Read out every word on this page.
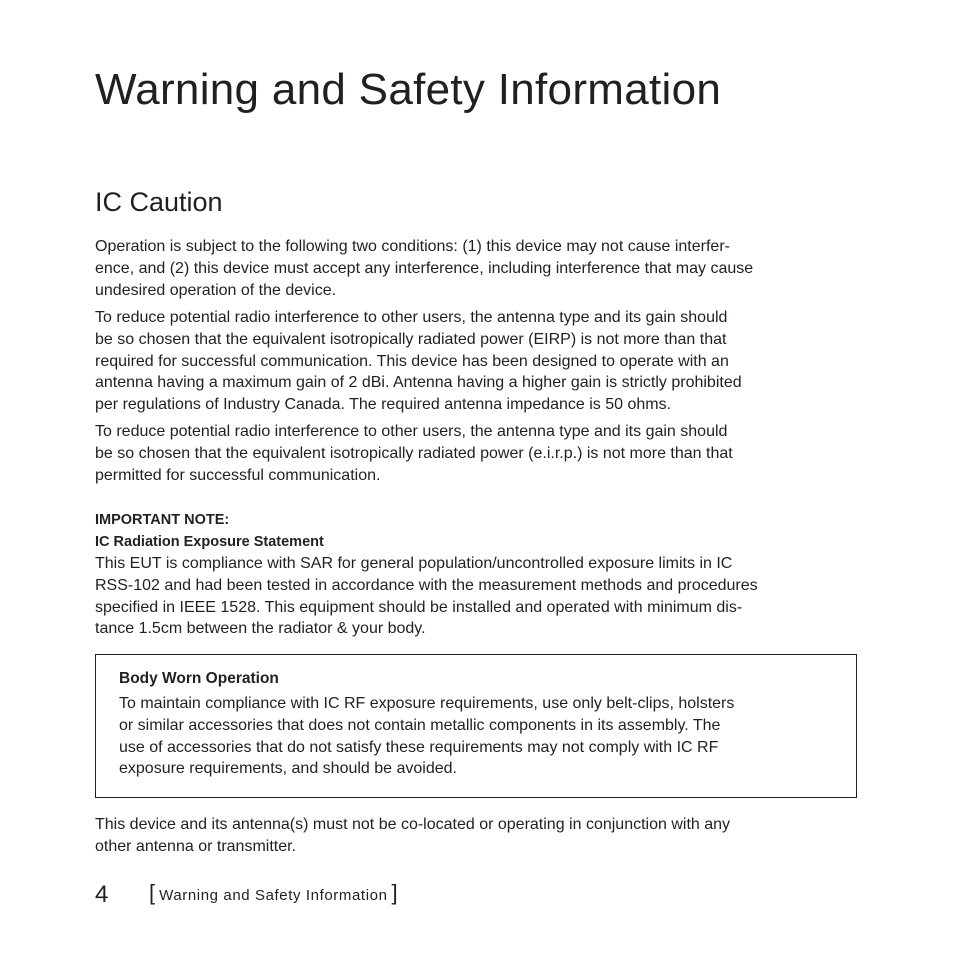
Warning and Safety Information
IC Caution

Operation is subject to the following two conditions: (1) this device may not cause interfer-
ence, and (2) this device must accept any interference, including interference that may cause
undesired operation of the device.

To reduce potential radio interference to other users, the antenna type and its gain should
be so chosen that the equivalent isotropically radiated power (EIRP) is not more than that
required for successful communication. This device has been designed to operate with an
antenna having a maximum gain of 2 dBi. Antenna having a higher gain is strictly prohibited
per regulations of Industry Canada. The required antenna impedance is 50 ohms.

To reduce potential radio interference to other users, the antenna type and its gain should
be so chosen that the equivalent isotropically radiated power (e.i.r.p.) is not more than that
permitted for successful communication.

IMPORTANT NOTE:
IC Radiation Exposure Statement

This EUT is compliance with SAR for general population/uncontrolled exposure limits in IC
RSS-102 and had been tested in accordance with the measurement methods and procedures
specified in IEEE 1528. This equipment should be installed and operated with minimum dis-
tance 1.5cm between the radiator & your body.

Body Worn Operation

To maintain compliance with IC RF exposure requirements, use only belt-clips, holsters
or similar accessories that does not contain metallic components in its assembly. The
use of accessories that do not satisfy these requirements may not comply with IC RF
exposure requirements, and should be avoided.

This device and its antenna(s) must not be co-located or operating in conjunction with any
other antenna or transmitter.

4 [ Warning and Safety Information ]
